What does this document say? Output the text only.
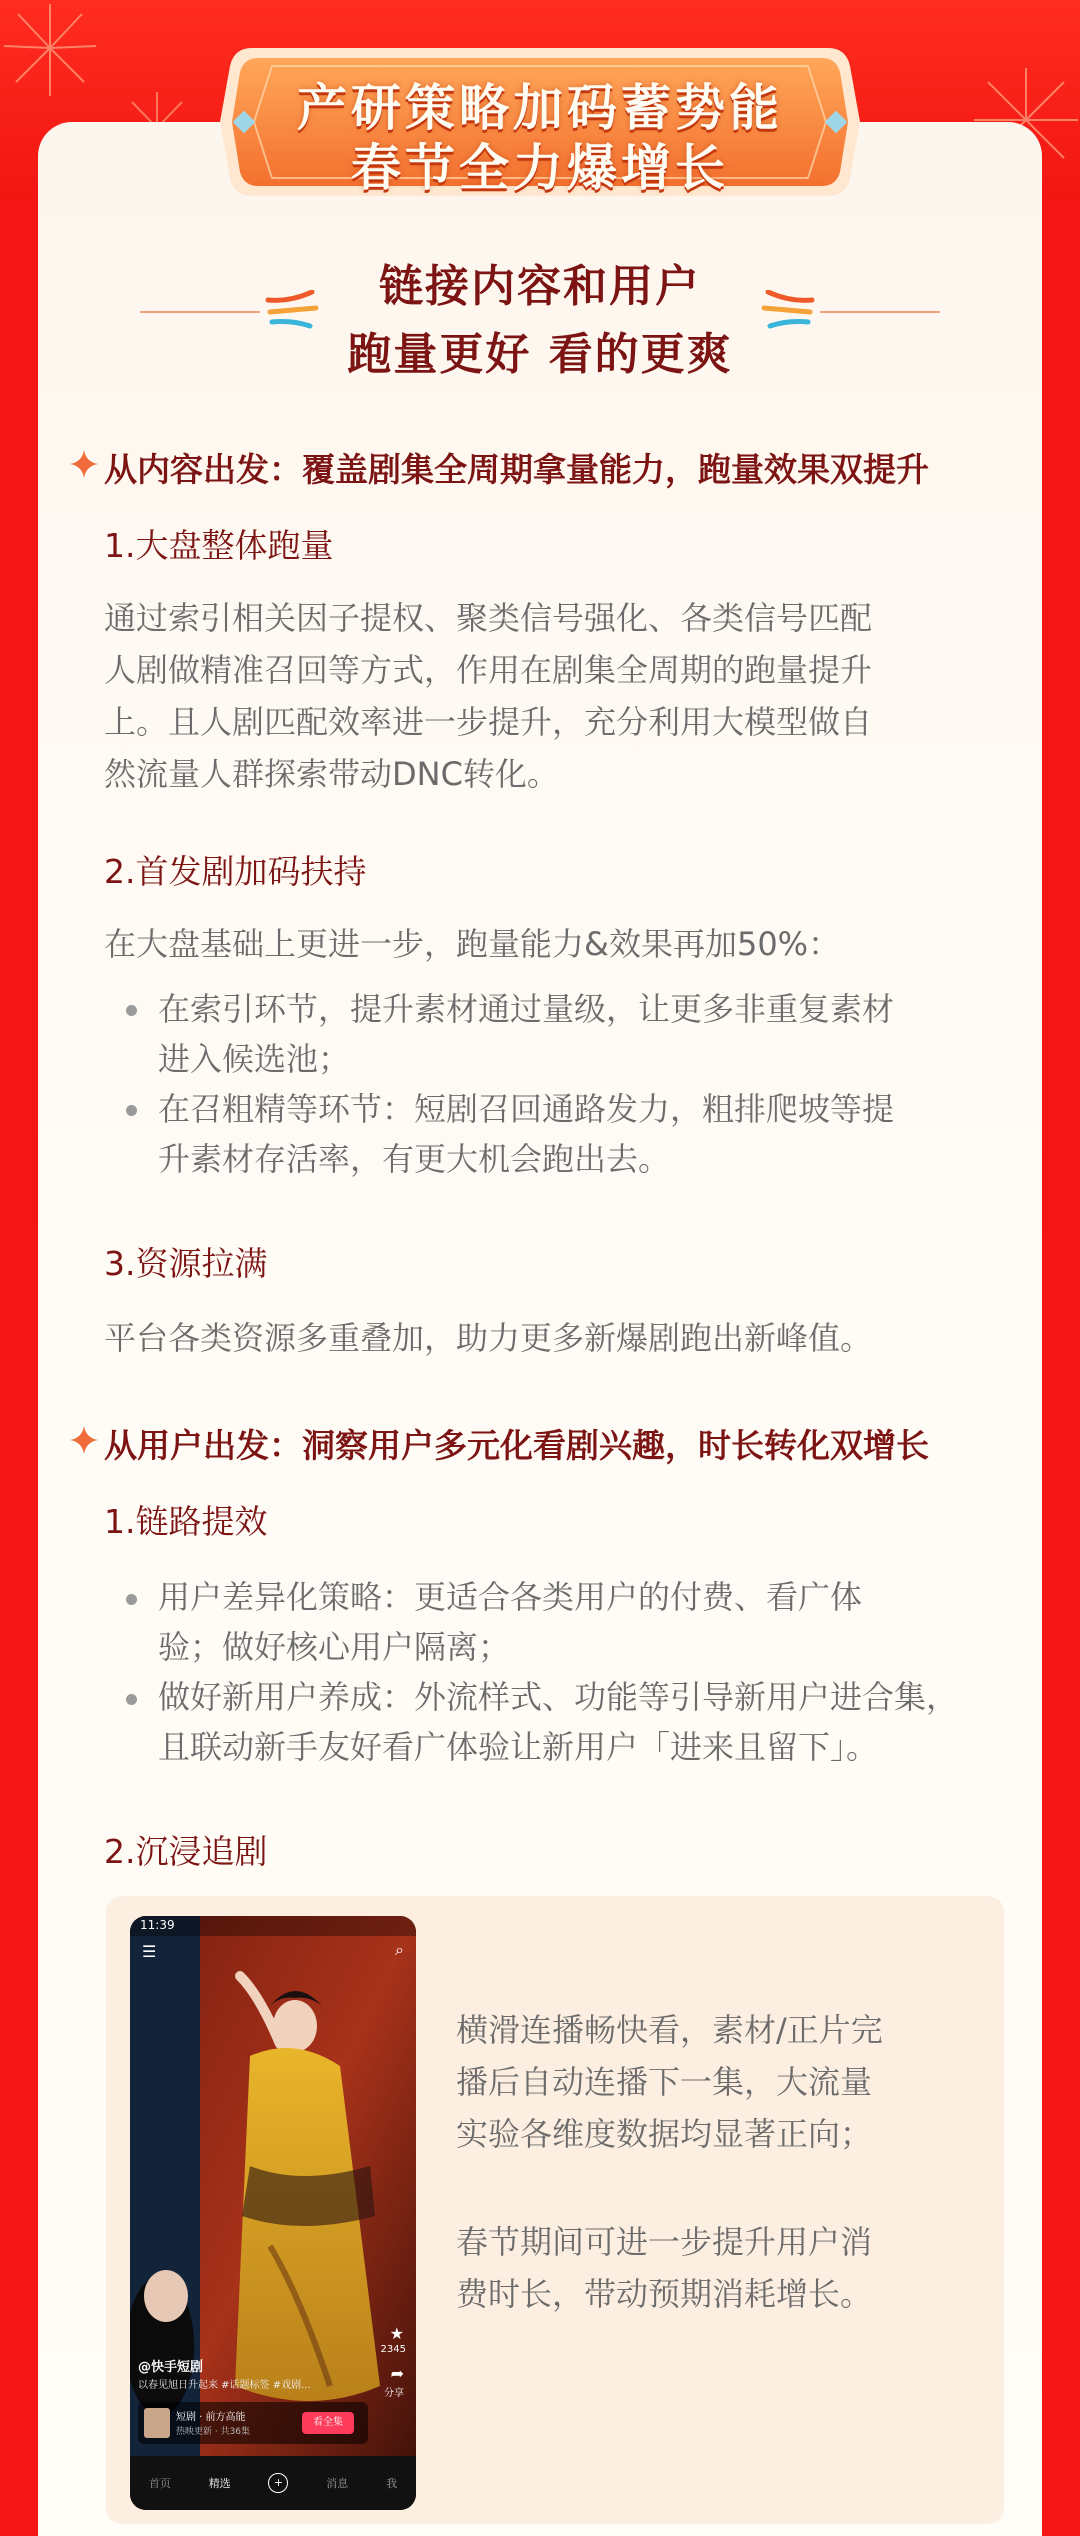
产研策略加码蓄势能
春节全力爆增长
链接内容和用户
跑量更好 看的更爽
从内容出发：覆盖剧集全周期拿量能力，跑量效果双提升
1.大盘整体跑量
通过索引相关因子提权、聚类信号强化、各类信号匹配
人剧做精准召回等方式，作用在剧集全周期的跑量提升
上。且人剧匹配效率进一步提升，充分利用大模型做自
然流量人群探索带动DNC转化。
2.首发剧加码扶持
在大盘基础上更进一步，跑量能力&效果再加50%：
在索引环节，提升素材通过量级，让更多非重复素材
进入候选池；
在召粗精等环节：短剧召回通路发力，粗排爬坡等提
升素材存活率，有更大机会跑出去。
3.资源拉满
平台各类资源多重叠加，助力更多新爆剧跑出新峰值。
从用户出发：洞察用户多元化看剧兴趣，时长转化双增长
1.链路提效
用户差异化策略：更适合各类用户的付费、看广体
验；做好核心用户隔离；
做好新用户养成：外流样式、功能等引导新用户进合集，
且联动新手友好看广体验让新用户「进来且留下」。
2.沉浸追剧
11:39
☰	⌕
★
2345
➦
分享
@快手短剧
以春见旭日升起来 #话题标签 #戏剧...
短剧 · 前方高能
热映更新 · 共36集
看全集
首页	精选	+	消息	我
横滑连播畅快看，素材/正片完
播后自动连播下一集，大流量
实验各维度数据均显著正向；
春节期间可进一步提升用户消
费时长，带动预期消耗增长。
